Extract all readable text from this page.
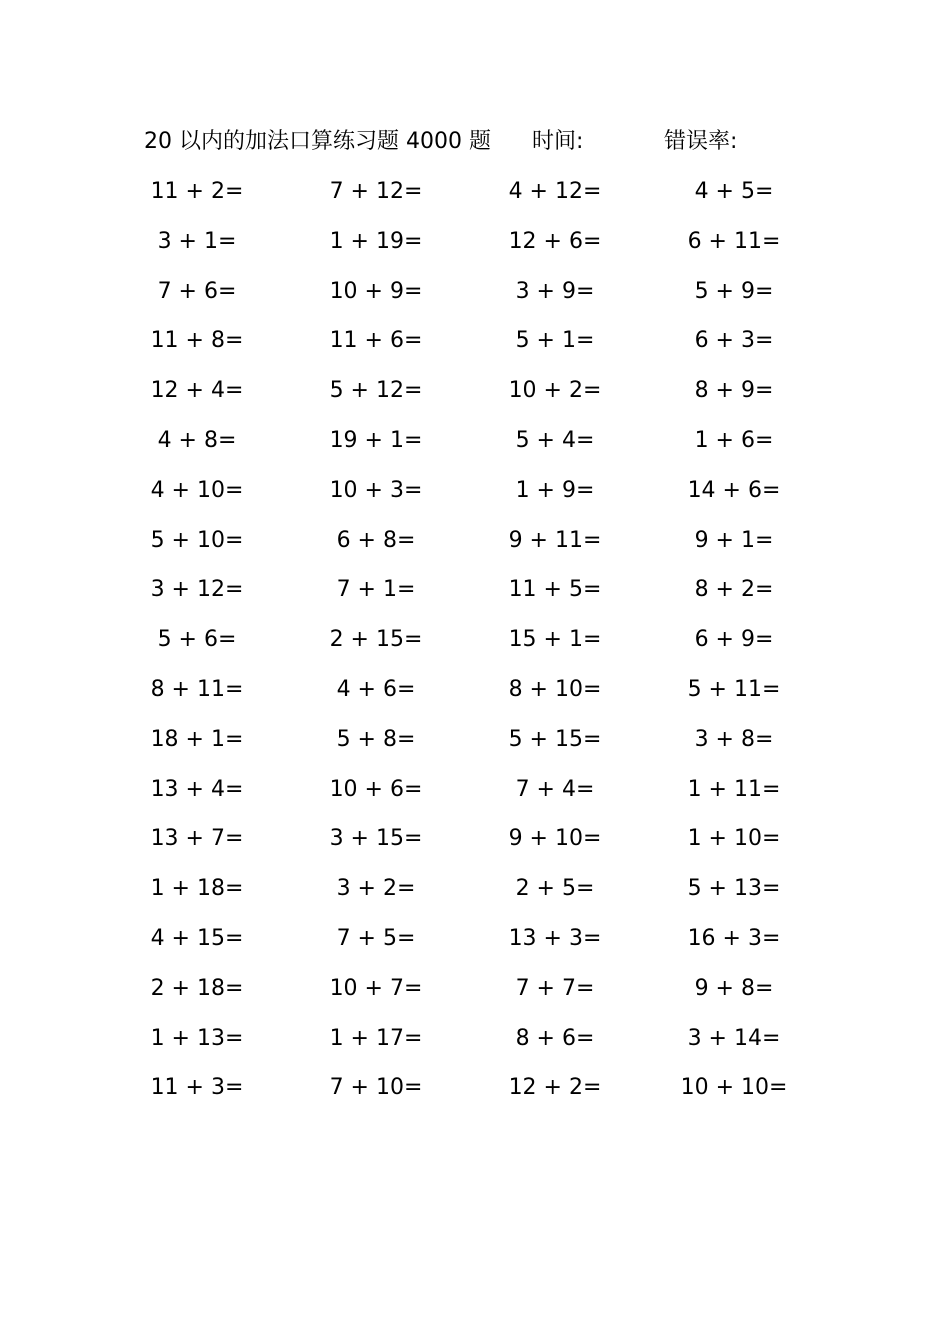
20 以内的加法口算练习题 4000 题 时间:	错误率:
11 + 2=	7 + 12=	4 + 12=	4 + 5=
3 + 1=	1 + 19=	12 + 6=	6 + 11=
7 + 6=	10 + 9=	3 + 9=	5 + 9=
11 + 8=	11 + 6=	5 + 1=	6 + 3=
12 + 4=	5 + 12=	10 + 2=	8 + 9=
4 + 8=	19 + 1=	5 + 4=	1 + 6=
4 + 10=	10 + 3=	1 + 9=	14 + 6=
5 + 10=	6 + 8=	9 + 11=	9 + 1=
3 + 12=	7 + 1=	11 + 5=	8 + 2=
5 + 6=	2 + 15=	15 + 1=	6 + 9=
8 + 11=	4 + 6=	8 + 10=	5 + 11=
18 + 1=	5 + 8=	5 + 15=	3 + 8=
13 + 4=	10 + 6=	7 + 4=	1 + 11=
13 + 7=	3 + 15=	9 + 10=	1 + 10=
1 + 18=	3 + 2=	2 + 5=	5 + 13=
4 + 15=	7 + 5=	13 + 3=	16 + 3=
2 + 18=	10 + 7=	7 + 7=	9 + 8=
1 + 13=	1 + 17=	8 + 6=	3 + 14=
11 + 3=	7 + 10=	12 + 2=	10 + 10=
